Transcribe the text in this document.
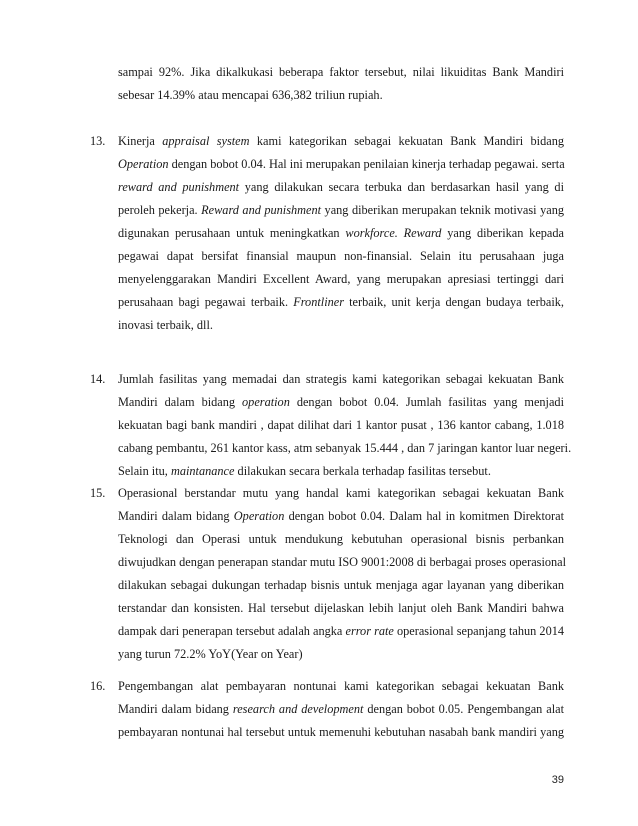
sampai 92%. Jika dikalkukasi beberapa faktor tersebut, nilai likuiditas Bank Mandiri
sebesar 14.39% atau mencapai 636,382 triliun rupiah.
13.	Kinerja appraisal system kami kategorikan sebagai kekuatan Bank Mandiri bidang
Operation dengan bobot 0.04. Hal ini merupakan penilaian kinerja terhadap pegawai. serta
reward and punishment yang dilakukan secara terbuka dan berdasarkan hasil yang di
peroleh pekerja. Reward and punishment yang diberikan merupakan teknik motivasi yang
digunakan perusahaan untuk meningkatkan workforce. Reward yang diberikan kepada
pegawai dapat bersifat finansial maupun non-finansial. Selain itu perusahaan juga
menyelenggarakan Mandiri Excellent Award, yang merupakan apresiasi tertinggi dari
perusahaan bagi pegawai terbaik. Frontliner terbaik, unit kerja dengan budaya terbaik,
inovasi terbaik, dll.
14.	Jumlah fasilitas yang memadai dan strategis kami kategorikan sebagai kekuatan Bank
Mandiri dalam bidang operation dengan bobot 0.04. Jumlah fasilitas yang menjadi
kekuatan bagi bank mandiri , dapat dilihat dari 1 kantor pusat , 136 kantor cabang, 1.018
cabang pembantu, 261 kantor kass, atm sebanyak 15.444 , dan 7 jaringan kantor luar negeri.
Selain itu, maintanance dilakukan secara berkala terhadap fasilitas tersebut.
15.	Operasional berstandar mutu yang handal kami kategorikan sebagai kekuatan Bank
Mandiri dalam bidang Operation dengan bobot 0.04. Dalam hal in komitmen Direktorat
Teknologi dan Operasi untuk mendukung kebutuhan operasional bisnis perbankan
diwujudkan dengan penerapan standar mutu ISO 9001:2008 di berbagai proses operasional
dilakukan sebagai dukungan terhadap bisnis untuk menjaga agar layanan yang diberikan
terstandar dan konsisten. Hal tersebut dijelaskan lebih lanjut oleh Bank Mandiri bahwa
dampak dari penerapan tersebut adalah angka error rate operasional sepanjang tahun 2014
yang turun 72.2% YoY(Year on Year)
16.	Pengembangan alat pembayaran nontunai kami kategorikan sebagai kekuatan Bank
Mandiri dalam bidang research and development dengan bobot 0.05. Pengembangan alat
pembayaran nontunai hal tersebut untuk memenuhi kebutuhan nasabah bank mandiri yang
39
